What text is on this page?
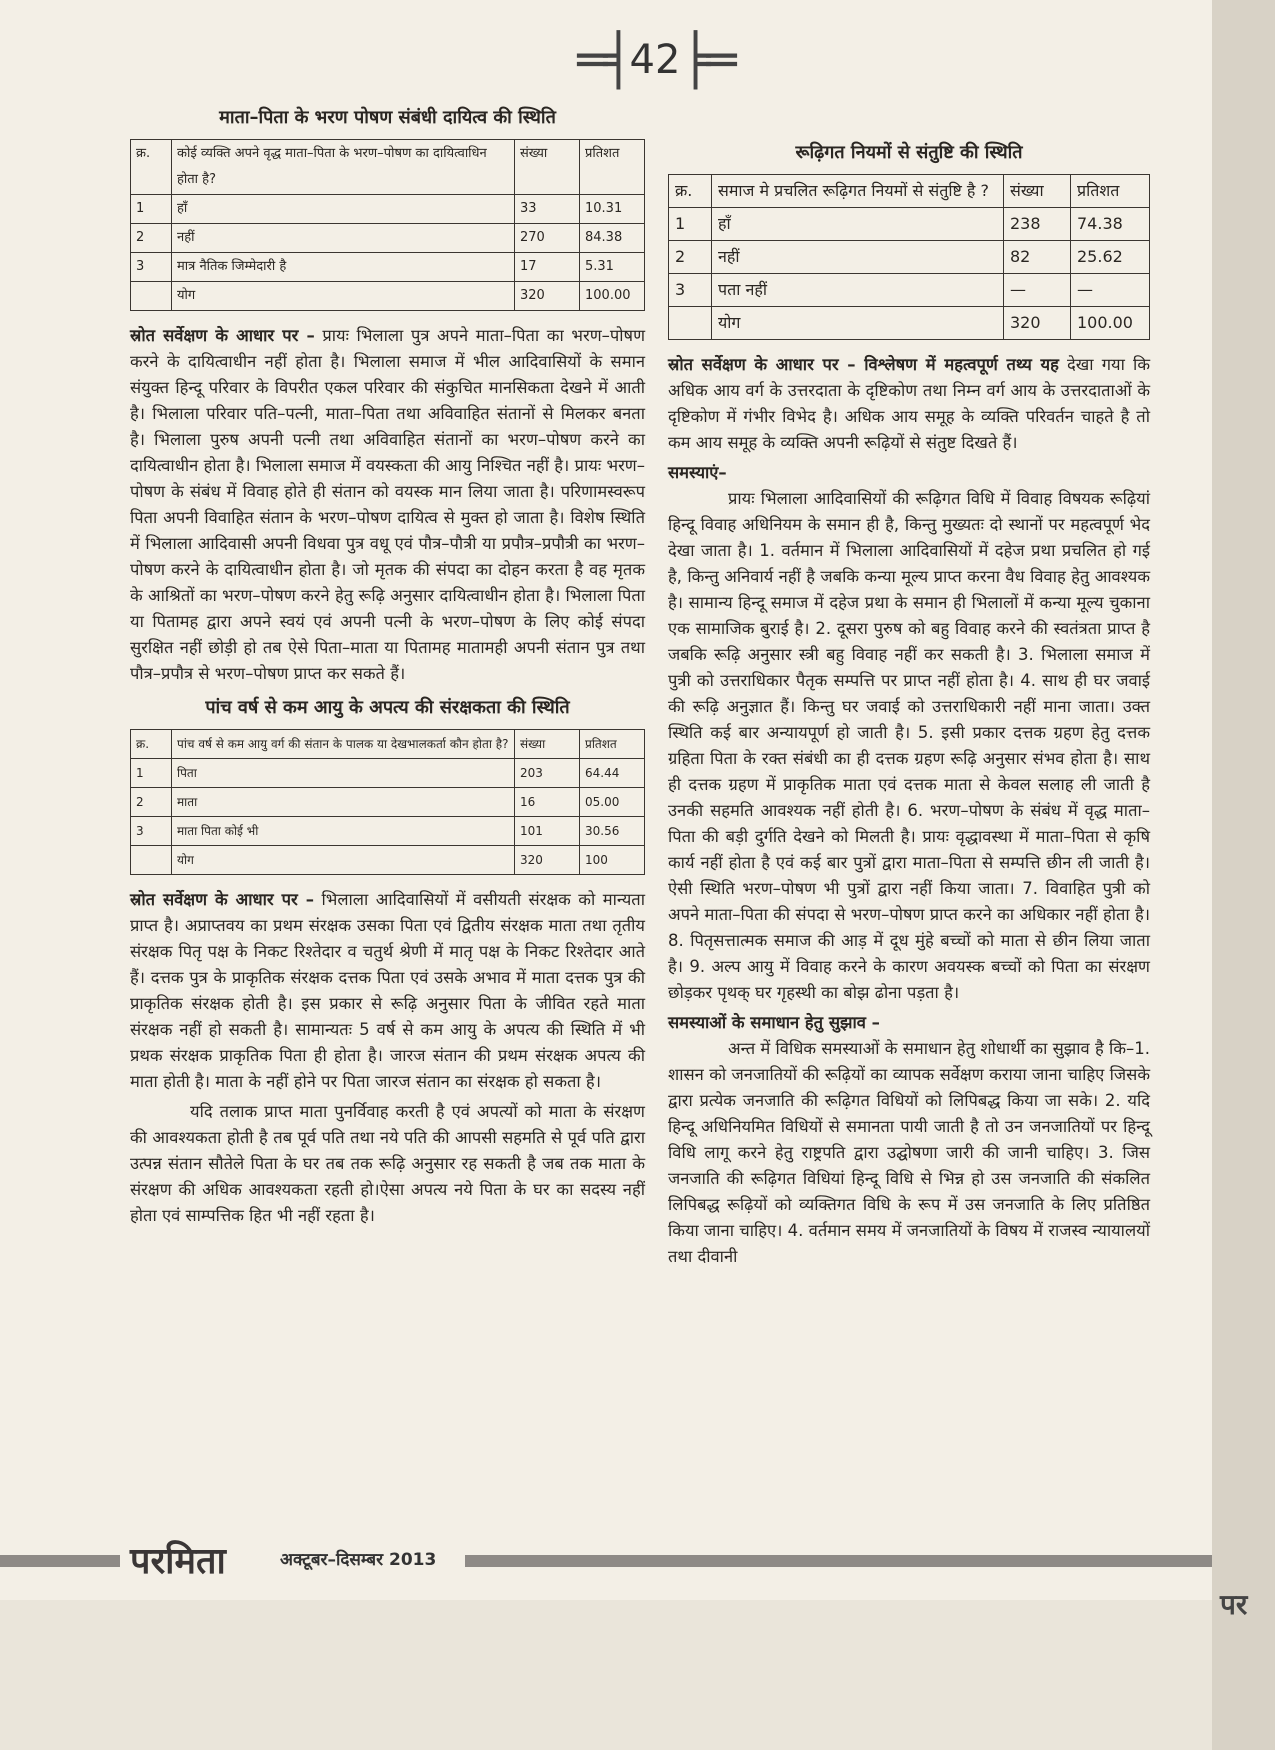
═╡ 42 ╞═
माता–पिता के भरण पोषण संबंधी दायित्व की स्थिति
क्र.	कोई व्यक्ति अपने वृद्ध माता–पिता के भरण–पोषण का दायित्वाधिन होता है?	संख्या	प्रतिशत
1	हाँ	33	10.31
2	नहीं	270	84.38
3	मात्र नैतिक जिम्मेदारी है	17	5.31
	योग	320	100.00

स्रोत सर्वेक्षण के आधार पर – प्रायः भिलाला पुत्र अपने माता–पिता का भरण–पोषण करने के दायित्वाधीन नहीं होता है। भिलाला समाज में भील आदिवासियों के समान संयुक्त हिन्दू परिवार के विपरीत एकल परिवार की संकुचित मानसिकता देखने में आती है। भिलाला परिवार पति–पत्नी, माता–पिता तथा अविवाहित संतानों से मिलकर बनता है। भिलाला पुरुष अपनी पत्नी तथा अविवाहित संतानों का भरण–पोषण करने का दायित्वाधीन होता है। भिलाला समाज में वयस्कता की आयु निश्चित नहीं है। प्रायः भरण–पोषण के संबंध में विवाह होते ही संतान को वयस्क मान लिया जाता है। परिणामस्वरूप पिता अपनी विवाहित संतान के भरण–पोषण दायित्व से मुक्त हो जाता है। विशेष स्थिति में भिलाला आदिवासी अपनी विधवा पुत्र वधू एवं पौत्र–पौत्री या प्रपौत्र–प्रपौत्री का भरण–पोषण करने के दायित्वाधीन होता है। जो मृतक की संपदा का दोहन करता है वह मृतक के आश्रितों का भरण–पोषण करने हेतु रूढ़ि अनुसार दायित्वाधीन होता है। भिलाला पिता या पितामह द्वारा अपने स्वयं एवं अपनी पत्नी के भरण–पोषण के लिए कोई संपदा सुरक्षित नहीं छोड़ी हो तब ऐसे पिता–माता या पितामह मातामही अपनी संतान पुत्र तथा पौत्र–प्रपौत्र से भरण–पोषण प्राप्त कर सकते हैं।

पांच वर्ष से कम आयु के अपत्य की संरक्षकता की स्थिति
क्र.	पांच वर्ष से कम आयु वर्ग की संतान के पालक या देखभालकर्ता कौन होता है?	संख्या	प्रतिशत
1	पिता	203	64.44
2	माता	16	05.00
3	माता पिता कोई भी	101	30.56
	योग	320	100

स्रोत सर्वेक्षण के आधार पर – भिलाला आदिवासियों में वसीयती संरक्षक को मान्यता प्राप्त है। अप्राप्तवय का प्रथम संरक्षक उसका पिता एवं द्वितीय संरक्षक माता तथा तृतीय संरक्षक पितृ पक्ष के निकट रिश्तेदार व चतुर्थ श्रेणी में मातृ पक्ष के निकट रिश्तेदार आते हैं। दत्तक पुत्र के प्राकृतिक संरक्षक दत्तक पिता एवं उसके अभाव में माता दत्तक पुत्र की प्राकृतिक संरक्षक होती है। इस प्रकार से रूढ़ि अनुसार पिता के जीवित रहते माता संरक्षक नहीं हो सकती है। सामान्यतः 5 वर्ष से कम आयु के अपत्य की स्थिति में भी प्रथक संरक्षक प्राकृतिक पिता ही होता है। जारज संतान की प्रथम संरक्षक अपत्य की माता होती है। माता के नहीं होने पर पिता जारज संतान का संरक्षक हो सकता है।

यदि तलाक प्राप्त माता पुनर्विवाह करती है एवं अपत्यों को माता के संरक्षण की आवश्यकता होती है तब पूर्व पति तथा नये पति की आपसी सहमति से पूर्व पति द्वारा उत्पन्न संतान सौतेले पिता के घर तब तक रूढ़ि अनुसार रह सकती है जब तक माता के संरक्षण की अधिक आवश्यकता रहती हो।ऐसा अपत्य नये पिता के घर का सदस्य नहीं होता एवं साम्पत्तिक हित भी नहीं रहता है।

रूढ़िगत नियमों से संतुष्टि की स्थिति
क्र.	समाज मे प्रचलित रूढ़िगत नियमों से संतुष्टि है ?	संख्या	प्रतिशत
1	हाँ	238	74.38
2	नहीं	82	25.62
3	पता नहीं	—	—
	योग	320	100.00

स्रोत सर्वेक्षण के आधार पर – विश्लेषण में महत्वपूर्ण तथ्य यह देखा गया कि अधिक आय वर्ग के उत्तरदाता के दृष्टिकोण तथा निम्न वर्ग आय के उत्तरदाताओं के दृष्टिकोण में गंभीर विभेद है। अधिक आय समूह के व्यक्ति परिवर्तन चाहते है तो कम आय समूह के व्यक्ति अपनी रूढ़ियों से संतुष्ट दिखते हैं।

समस्याएं–

प्रायः भिलाला आदिवासियों की रूढ़िगत विधि में विवाह विषयक रूढ़ियां हिन्दू विवाह अधिनियम के समान ही है, किन्तु मुख्यतः दो स्थानों पर महत्वपूर्ण भेद देखा जाता है। 1. वर्तमान में भिलाला आदिवासियों में दहेज प्रथा प्रचलित हो गई है, किन्तु अनिवार्य नहीं है जबकि कन्या मूल्य प्राप्त करना वैध विवाह हेतु आवश्यक है। सामान्य हिन्दू समाज में दहेज प्रथा के समान ही भिलालों में कन्या मूल्य चुकाना एक सामाजिक बुराई है। 2. दूसरा पुरुष को बहु विवाह करने की स्वतंत्रता प्राप्त है जबकि रूढ़ि अनुसार स्त्री बहु विवाह नहीं कर सकती है। 3. भिलाला समाज में पुत्री को उत्तराधिकार पैतृक सम्पत्ति पर प्राप्त नहीं होता है। 4. साथ ही घर जवाई की रूढ़ि अनुज्ञात हैं। किन्तु घर जवाई को उत्तराधिकारी नहीं माना जाता। उक्त स्थिति कई बार अन्यायपूर्ण हो जाती है। 5. इसी प्रकार दत्तक ग्रहण हेतु दत्तक ग्रहिता पिता के रक्त संबंधी का ही दत्तक ग्रहण रूढ़ि अनुसार संभव होता है। साथ ही दत्तक ग्रहण में प्राकृतिक माता एवं दत्तक माता से केवल सलाह ली जाती है उनकी सहमति आवश्यक नहीं होती है। 6. भरण–पोषण के संबंध में वृद्ध माता–पिता की बड़ी दुर्गति देखने को मिलती है। प्रायः वृद्धावस्था में माता–पिता से कृषि कार्य नहीं होता है एवं कई बार पुत्रों द्वारा माता–पिता से सम्पत्ति छीन ली जाती है। ऐसी स्थिति भरण–पोषण भी पुत्रों द्वारा नहीं किया जाता। 7. विवाहित पुत्री को अपने माता–पिता की संपदा से भरण–पोषण प्राप्त करने का अधिकार नहीं होता है। 8. पितृसत्तात्मक समाज की आड़ में दूध मुंहे बच्चों को माता से छीन लिया जाता है। 9. अल्प आयु में विवाह करने के कारण अवयस्क बच्चों को पिता का संरक्षण छोड़कर पृथक् घर गृहस्थी का बोझ ढोना पड़ता है।

समस्याओं के समाधान हेतु सुझाव –

अन्त में विधिक समस्याओं के समाधान हेतु शोधार्थी का सुझाव है कि–1. शासन को जनजातियों की रूढ़ियों का व्यापक सर्वेक्षण कराया जाना चाहिए जिसके द्वारा प्रत्येक जनजाति की रूढ़िगत विधियों को लिपिबद्ध किया जा सके। 2. यदि हिन्दू अधिनियमित विधियों से समानता पायी जाती है तो उन जनजातियों पर हिन्दू विधि लागू करने हेतु राष्ट्रपति द्वारा उद्घोषणा जारी की जानी चाहिए। 3. जिस जनजाति की रूढ़िगत विधियां हिन्दू विधि से भिन्न हो उस जनजाति की संकलित लिपिबद्ध रूढ़ियों को व्यक्तिगत विधि के रूप में उस जनजाति के लिए प्रतिष्ठित किया जाना चाहिए। 4. वर्तमान समय में जनजातियों के विषय में राजस्व न्यायालयों तथा दीवानी

परमिता	अक्टूबर–दिसम्बर 2013
पर
